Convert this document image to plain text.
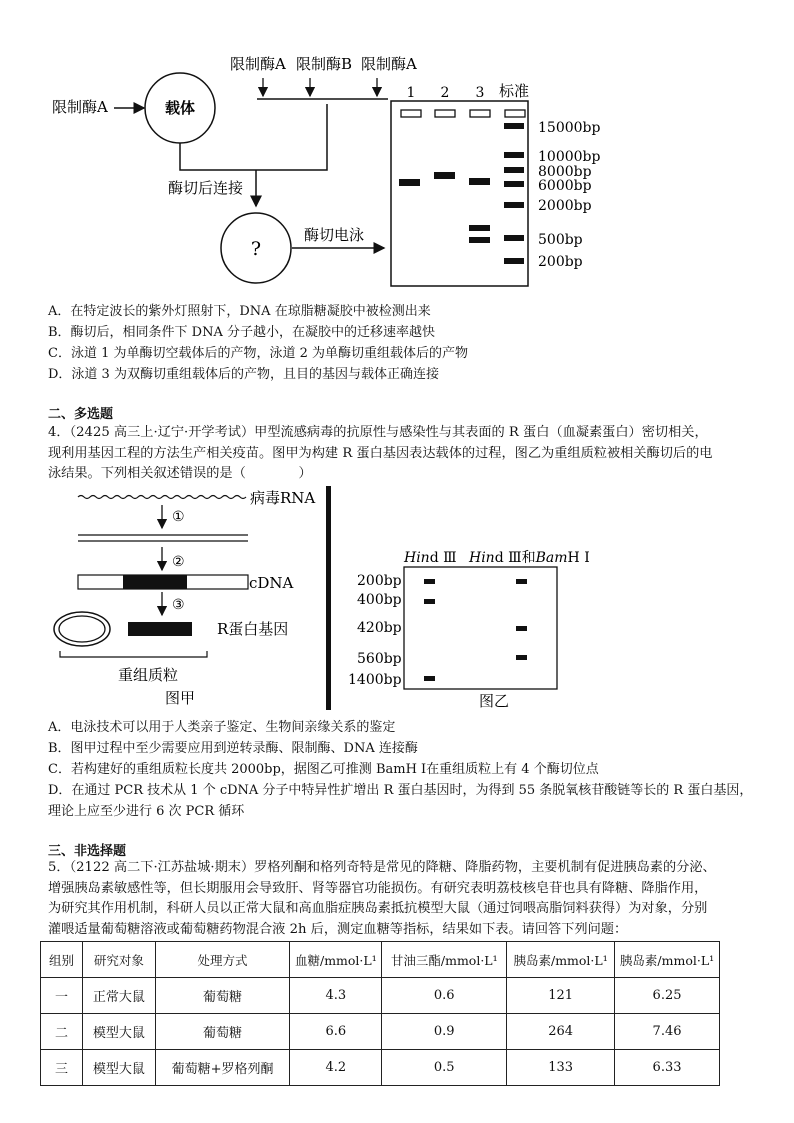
限制酶A	载体
限制酶A 限制酶B 限制酶A
酶切后连接
?
酶切电泳
1 2 3 标准
15000bp
10000bp
8000bp
6000bp
2000bp
500bp
200bp
A．在特定波长的紫外灯照射下，DNA 在琼脂糖凝胶中被检测出来
B．酶切后，相同条件下 DNA 分子越小，在凝胶中的迁移速率越快
C．泳道 1 为单酶切空载体后的产物，泳道 2 为单酶切重组载体后的产物
D．泳道 3 为双酶切重组载体后的产物，且目的基因与载体正确连接
二、多选题
4．（2425 高三上·辽宁·开学考试）甲型流感病毒的抗原性与感染性与其表面的 R 蛋白（血凝素蛋白）密切相关，
现利用基因工程的方法生产相关疫苗。图甲为构建 R 蛋白基因表达载体的过程，图乙为重组质粒被相关酶切后的电
泳结果。下列相关叙述错误的是（　　　　）
病毒RNA
①
②
cDNA
③
R蛋白基因
重组质粒
图甲
Hind Ⅲ Hind Ⅲ和BamH Ⅰ
200bp
400bp
420bp
560bp
1400bp
图乙
A．电泳技术可以用于人类亲子鉴定、生物间亲缘关系的鉴定
B．图甲过程中至少需要应用到逆转录酶、限制酶、DNA 连接酶
C．若构建好的重组质粒长度共 2000bp，据图乙可推测 BamH Ⅰ在重组质粒上有 4 个酶切位点
D．在通过 PCR 技术从 1 个 cDNA 分子中特异性扩增出 R 蛋白基因时，为得到 55 条脱氧核苷酸链等长的 R 蛋白基因，
理论上应至少进行 6 次 PCR 循环
三、非选择题
5．（2122 高二下·江苏盐城·期末）罗格列酮和格列奇特是常见的降糖、降脂药物，主要机制有促进胰岛素的分泌、
增强胰岛素敏感性等，但长期服用会导致肝、肾等器官功能损伤。有研究表明荔枝核皂苷也具有降糖、降脂作用，
为研究其作用机制，科研人员以正常大鼠和高血脂症胰岛素抵抗模型大鼠（通过饲喂高脂饲料获得）为对象，分别
灌喂适量葡萄糖溶液或葡萄糖药物混合液 2h 后，测定血糖等指标，结果如下表。请回答下列问题：
组别	研究对象	处理方式	血糖/mmol·L¹	甘油三酯/mmol·L¹	胰岛素/mmol·L¹	胰岛素/mmol·L¹
一	正常大鼠	葡萄糖	4.3	0.6	121	6.25
二	模型大鼠	葡萄糖	6.6	0.9	264	7.46
三	模型大鼠	葡萄糖+罗格列酮	4.2	0.5	133	6.33
